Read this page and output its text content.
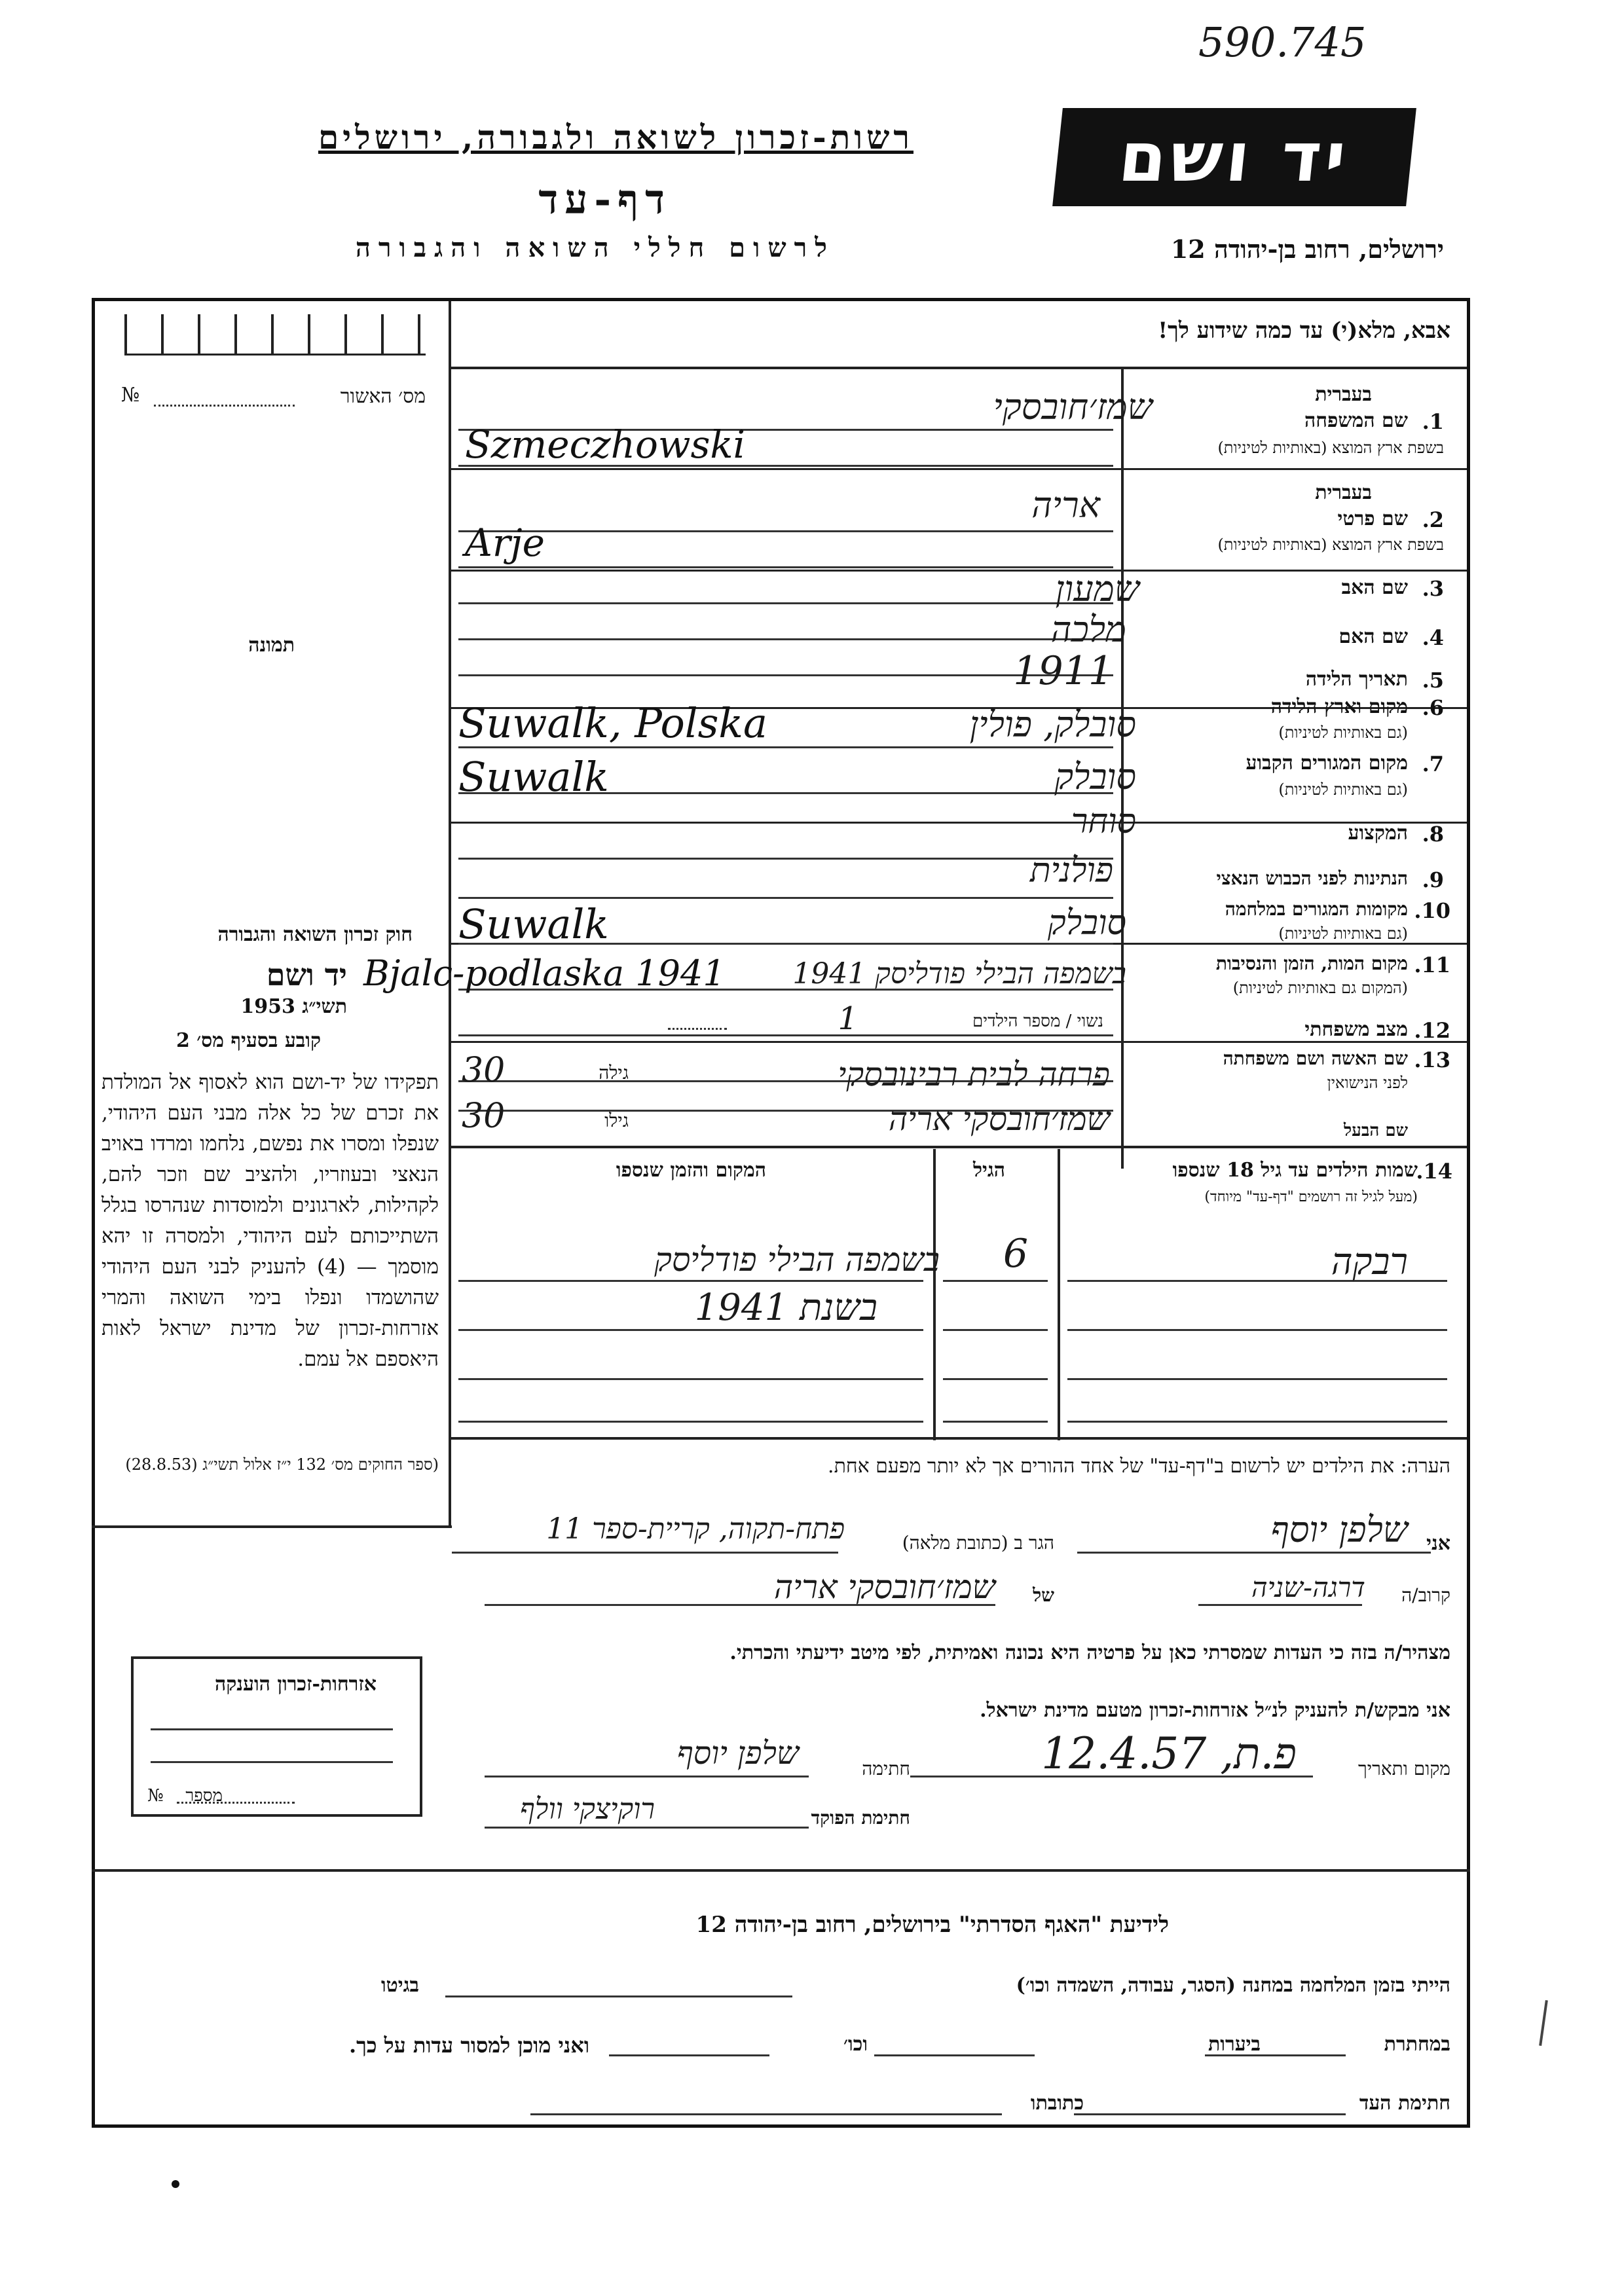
590.745
יד ושם
רשות-זכרון לשואה ולגבורה, ירושלים
דף-עד
לרשום חללי השואה והגבורה	ירושלים, רחוב בן-יהודה 12
אבא, מלא(י) עד כמה שידוע לך!
מס׳ האשור
№
תמונה
בעברית
בעברית
1.
שם המשפחה
בשפת ארץ המוצא (באותיות לטיניות)
2.
שם פרטי
בשפת ארץ המוצא (באותיות לטיניות)
3.
שם האב
4.
שם האם
5.
תאריך הלידה
6.
מקום וארץ הלידה
(גם באותיות לטיניות)
7.
מקום המגורים הקבוע
(גם באותיות לטיניות)
8.
המקצוע
9.
הנתינות לפני הכבוש הנאצי
10.
מקומות המגורים במלחמה
(גם באותיות לטיניות)
11.
מקום המות, הזמן והנסיבות
(המקום גם באותיות לטיניות)
12.
מצב משפחתי
13.
שם האשה ושם משפחתה
לפני הנישואין
שם הבעל
שמז׳חובסקי
Szmeczhowski
אריה
Arje
שמעון
מלכה
1911
סובלק, פולין
Suwalk, Polska
סובלק
Suwalk
סוחר
פולנית
סובלק
Suwalk
Bjalc-podlaska 1941 בשמפה הבילי פודליסק 1941
נשוי / מספר הילדים
1
פרחה לבית רבינובסקי
גילה
30
שמז׳חובסקי אריה
גילו
30
14.
שמות הילדים עד גיל 18 שנספו
(מעל לגיל זה רושמים "דף-עד" מיוחד)
הגיל
המקום והזמן שנספו
רבקה
6
בשמפה הבילי פודליסק
בשנת 1941
הערה: את הילדים יש לרשום ב"דף-עד" של אחד ההורים אך לא יותר מפעם אחת.
חוק זכרון השואה והגבורה
יד ושם
תשי״ג 1953
קובע בסעיף מס׳ 2
תפקידו של יד-ושם הוא לאסוף אל המולדת את זכרם של כל אלה מבני העם היהודי, שנפלו ומסרו את נפשם, נלחמו ומרדו באויב הנאצי ובעוזריו, ולהציב שם וזכר להם, לקהילות, לארגונים ולמוסדות שנהרסו בגלל השתייכותם לעם היהודי, ולמסרה זו יהא מוסמך — (4) להעניק לבני העם היהודי שהושמדו ונפלו בימי השואה והמרי אזרחות-זכרון של מדינת ישראל לאות היאספם אל עמם.
(ספר החוקים מס׳ 132 י״ז אלול תשי״ג (28.8.53)
אני
שלפן יוסף
הגר ב (כתובת מלאה)
פתח-תקוה, קריית-ספר 11
קרוב/ה
דרגה-שניה
של
שמז׳חובסקי אריה
מצהיר/ה בזה כי העדות שמסרתי כאן על פרטיה היא נכונה ואמיתית, לפי מיטב ידיעתי והכרתי.
אני מבקש/ת להעניק לנ״ל אזרחות-זכרון מטעם מדינת ישראל.
מקום ותאריך
פ.ת, 12.4.57
חתימה
שלפן יוסף
חתימת הפוקד
רוקיצקי וולף
אזרחות-זכרון הוענקה
מספר
№
לידיעת "האגף הסדרתי" בירושלים, רחוב בן-יהודה 12
הייתי בזמן המלחמה במחנה (הסגר, עבודה, השמדה וכו׳)
בגיטו
במחתרת
ביערות
וכו׳
ואני מוכן למסור עדות על כך.
חתימת העד
כתובתו
